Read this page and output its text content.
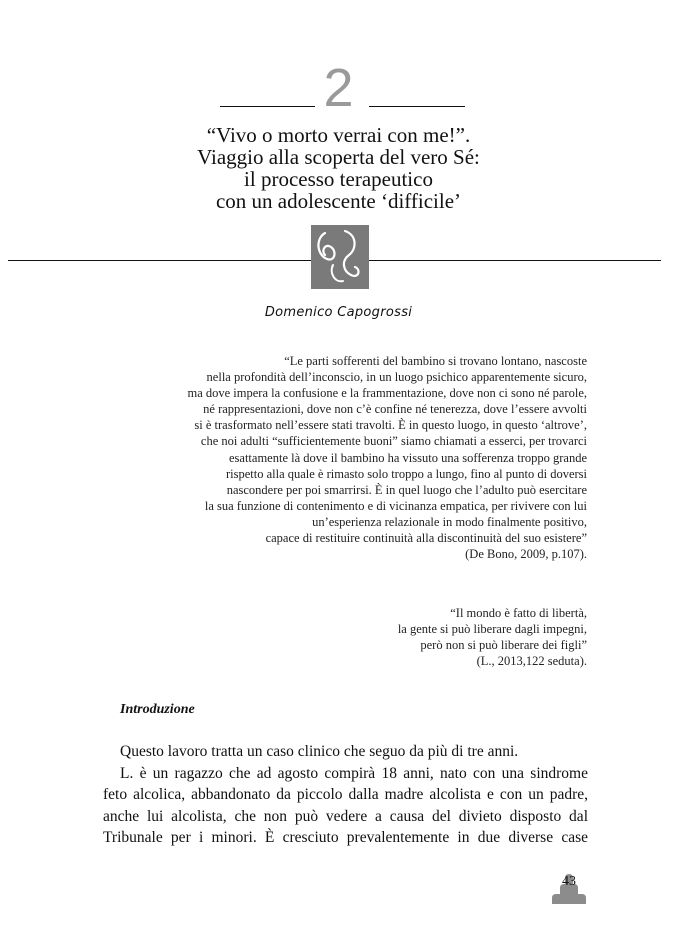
2
“Vivo o morto verrai con me!”.
Viaggio alla scoperta del vero Sé:
il processo terapeutico
con un adolescente ‘difficile’
Domenico Capogrossi
“Le parti sofferenti del bambino si trovano lontano, nascoste
nella profondità dell’inconscio, in un luogo psichico apparentemente sicuro,
ma dove impera la confusione e la frammentazione, dove non ci sono né parole,
né rappresentazioni, dove non c’è confine né tenerezza, dove l’essere avvolti
si è trasformato nell’essere stati travolti. È in questo luogo, in questo ‘altrove’,
che noi adulti “sufficientemente buoni” siamo chiamati a esserci, per trovarci
esattamente là dove il bambino ha vissuto una sofferenza troppo grande
rispetto alla quale è rimasto solo troppo a lungo, fino al punto di doversi
nascondere per poi smarrirsi. È in quel luogo che l’adulto può esercitare
la sua funzione di contenimento e di vicinanza empatica, per rivivere con lui
un’esperienza relazionale in modo finalmente positivo,
capace di restituire continuità alla discontinuità del suo esistere”
(De Bono, 2009, p.107).
“Il mondo è fatto di libertà,
la gente si può liberare dagli impegni,
però non si può liberare dei figli”
(L., 2013,122 seduta).
Introduzione

Questo lavoro tratta un caso clinico che seguo da più di tre anni.

L. è un ragazzo che ad agosto compirà 18 anni, nato con una sindrome
feto alcolica, abbandonato da piccolo dalla madre alcolista e con un padre,
anche lui alcolista, che non può vedere a causa del divieto disposto dal
Tribunale per i minori. È cresciuto prevalentemente in due diverse case

43
